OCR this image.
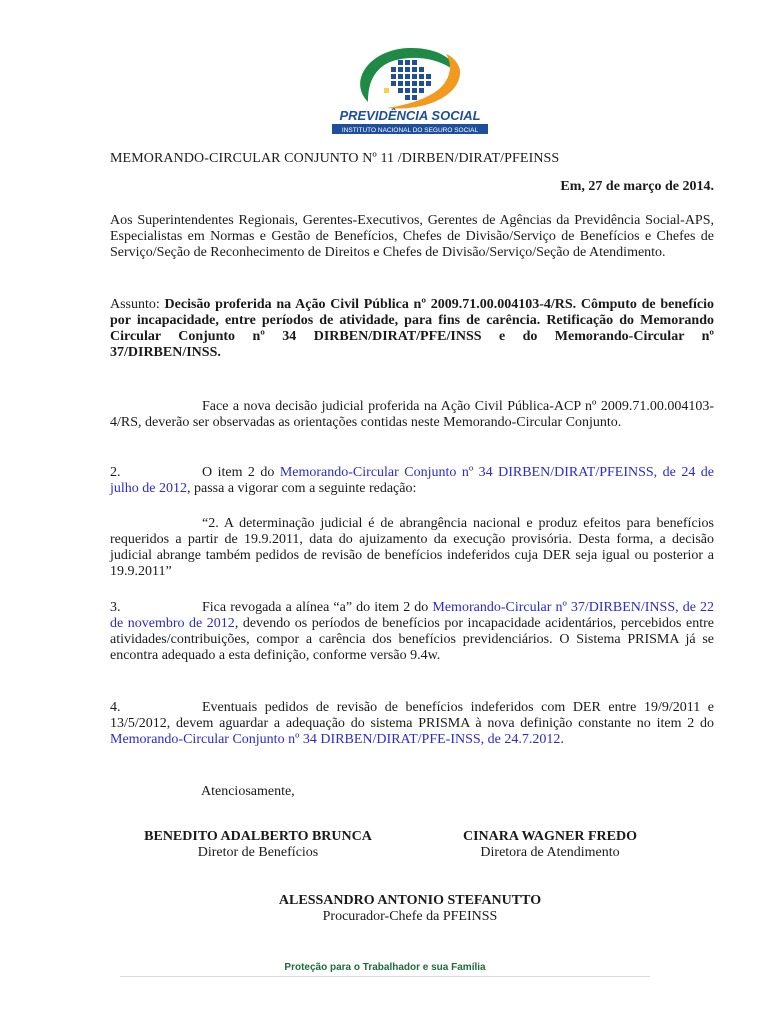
PREVIDÊNCIA SOCIAL
INSTITUTO NACIONAL DO SEGURO SOCIAL
MEMORANDO-CIRCULAR CONJUNTO Nº 11 /DIRBEN/DIRAT/PFEINSS
Em, 27 de março de 2014.
Aos Superintendentes Regionais, Gerentes-Executivos, Gerentes de Agências da Previdência Social-APS, Especialistas em Normas e Gestão de Benefícios, Chefes de Divisão/Serviço de Benefícios e Chefes de Serviço/Seção de Reconhecimento de Direitos e Chefes de Divisão/Serviço/Seção de Atendimento.
Assunto: Decisão proferida na Ação Civil Pública nº 2009.71.00.004103-4/RS. Cômputo de benefício por incapacidade, entre períodos de atividade, para fins de carência. Retificação do Memorando Circular Conjunto nº 34 DIRBEN/DIRAT/PFE/INSS e do Memorando-Circular nº 37/DIRBEN/INSS.
Face a nova decisão judicial proferida na Ação Civil Pública-ACP nº 2009.71.00.004103-4/RS, deverão ser observadas as orientações contidas neste Memorando-Circular Conjunto.
2.	O item 2 do Memorando-Circular Conjunto nº 34 DIRBEN/DIRAT/PFEINSS, de 24 de julho de 2012, passa a vigorar com a seguinte redação:
“2. A determinação judicial é de abrangência nacional e produz efeitos para benefícios requeridos a partir de 19.9.2011, data do ajuizamento da execução provisória. Desta forma, a decisão judicial abrange também pedidos de revisão de benefícios indeferidos cuja DER seja igual ou posterior a 19.9.2011”
3.	Fica revogada a alínea “a” do item 2 do Memorando-Circular nº 37/DIRBEN/INSS, de 22 de novembro de 2012, devendo os períodos de benefícios por incapacidade acidentários, percebidos entre atividades/contribuições, compor a carência dos benefícios previdenciários. O Sistema PRISMA já se encontra adequado a esta definição, conforme versão 9.4w.
4.	Eventuais pedidos de revisão de benefícios indeferidos com DER entre 19/9/2011 e 13/5/2012, devem aguardar a adequação do sistema PRISMA à nova definição constante no item 2 do Memorando-Circular Conjunto nº 34 DIRBEN/DIRAT/PFE-INSS, de 24.7.2012.
Atenciosamente,
BENEDITO ADALBERTO BRUNCA
Diretor de Benefícios
CINARA WAGNER FREDO
Diretora de Atendimento
ALESSANDRO ANTONIO STEFANUTTO
Procurador-Chefe da PFEINSS
Proteção para o Trabalhador e sua Família
